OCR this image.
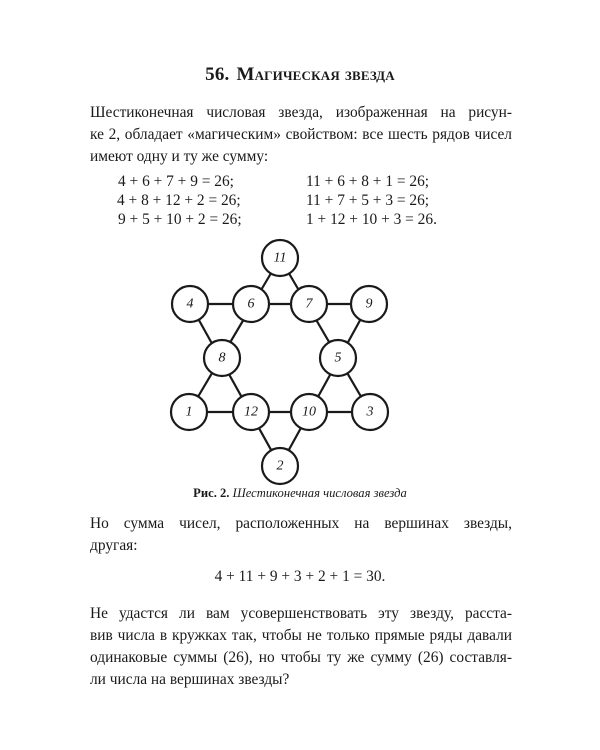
56. Магическая звезда
Шестиконечная числовая звезда, изображенная на рисун-
ке 2, обладает «магическим» свойством: все шесть рядов чисел
имеют одну и ту же сумму:
4 + 6 + 7 + 9 = 26;
4 + 8 + 12 + 2 = 26;
9 + 5 + 10 + 2 = 26;
11 + 6 + 8 + 1 = 26;
11 + 7 + 5 + 3 = 26;
1 + 12 + 10 + 3 = 26.
11
4	6	7	9
8	5
1	12	10	3
2
Рис. 2. Шестиконечная числовая звезда
Но сумма чисел, расположенных на вершинах звезды,
другая:
4 + 11 + 9 + 3 + 2 + 1 = 30.
Не удастся ли вам усовершенствовать эту звезду, расста-
вив числа в кружках так, чтобы не только прямые ряды давали
одинаковые суммы (26), но чтобы ту же сумму (26) составля-
ли числа на вершинах звезды?
